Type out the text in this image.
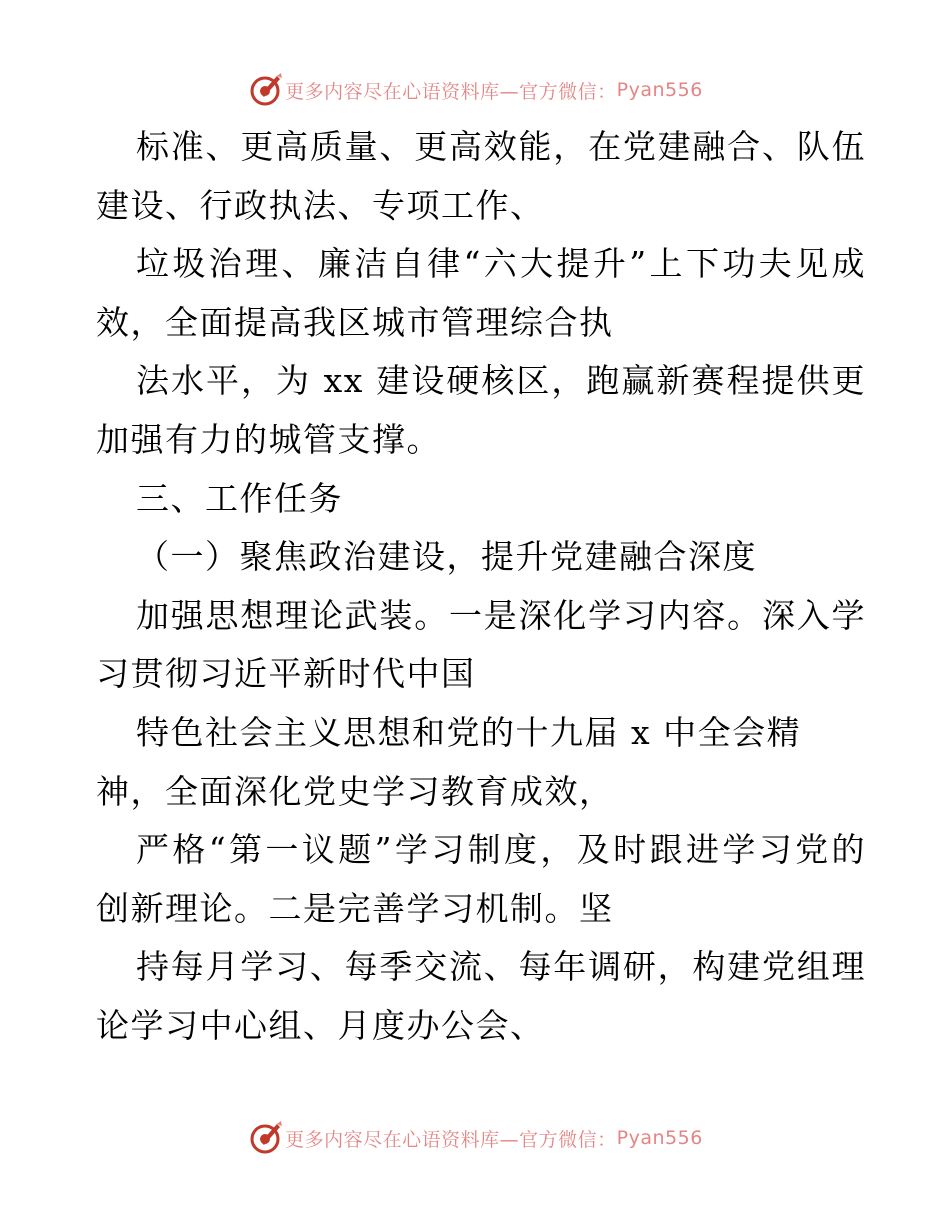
更多内容尽在心语资料库—官方微信： Pyan556
标准、更高质量、更高效能，在党建融合、队伍
建设、行政执法、专项工作、
垃圾治理、廉洁自律“六大提升”上下功夫见成
效，全面提高我区城市管理综合执
法水平，为 xx 建设硬核区，跑赢新赛程提供更
加强有力的城管支撑。
三、工作任务
（一）聚焦政治建设，提升党建融合深度
加强思想理论武装。一是深化学习内容。深入学
习贯彻习近平新时代中国
特色社会主义思想和党的十九届 x 中全会精
神，全面深化党史学习教育成效，
严格“第一议题”学习制度，及时跟进学习党的
创新理论。二是完善学习机制。坚
持每月学习、每季交流、每年调研，构建党组理
论学习中心组、月度办公会、
更多内容尽在心语资料库—官方微信： Pyan556
